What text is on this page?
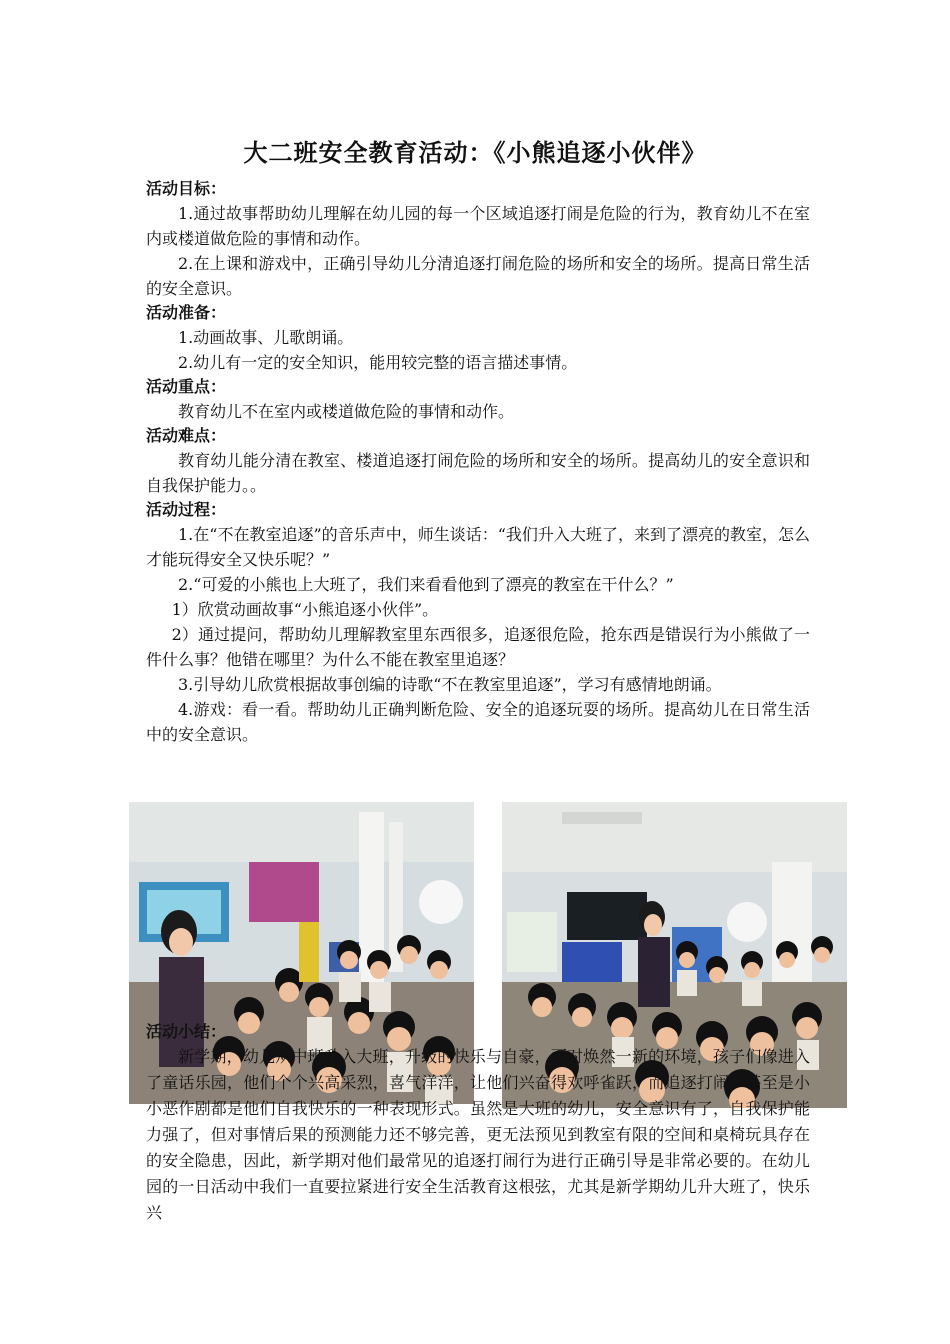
大二班安全教育活动：《小熊追逐小伙伴》
活动目标：
1.通过故事帮助幼儿理解在幼儿园的每一个区域追逐打闹是危险的行为，教育幼儿不在室内或楼道做危险的事情和动作。
2.在上课和游戏中，正确引导幼儿分清追逐打闹危险的场所和安全的场所。提高日常生活的安全意识。
活动准备：
1.动画故事、儿歌朗诵。
2.幼儿有一定的安全知识，能用较完整的语言描述事情。
活动重点：
教育幼儿不在室内或楼道做危险的事情和动作。
活动难点：
教育幼儿能分清在教室、楼道追逐打闹危险的场所和安全的场所。提高幼儿的安全意识和自我保护能力。。
活动过程：
1.在“不在教室追逐”的音乐声中，师生谈话：“我们升入大班了，来到了漂亮的教室，怎么才能玩得安全又快乐呢？”
2.“可爱的小熊也上大班了，我们来看看他到了漂亮的教室在干什么？”
1）欣赏动画故事“小熊追逐小伙伴”。
2）通过提问，帮助幼儿理解教室里东西很多，追逐很危险，抢东西是错误行为小熊做了一件什么事？他错在哪里？为什么不能在教室里追逐？
3.引导幼儿欣赏根据故事创编的诗歌“不在教室里追逐”，学习有感情地朗诵。
4.游戏：看一看。帮助幼儿正确判断危险、安全的追逐玩耍的场所。提高幼儿在日常生活中的安全意识。
活动小结：
新学期，幼儿从中班升入大班，升级的快乐与自豪，面对焕然一新的环境，孩子们像进入了童话乐园，他们个个兴高采烈，喜气洋洋，让他们兴奋得欢呼雀跃，而追逐打闹，甚至是小小恶作剧都是他们自我快乐的一种表现形式。虽然是大班的幼儿，安全意识有了，自我保护能力强了，但对事情后果的预测能力还不够完善，更无法预见到教室有限的空间和桌椅玩具存在的安全隐患，因此，新学期对他们最常见的追逐打闹行为进行正确引导是非常必要的。在幼儿园的一日活动中我们一直要拉紧进行安全生活教育这根弦，尤其是新学期幼儿升大班了，快乐兴
